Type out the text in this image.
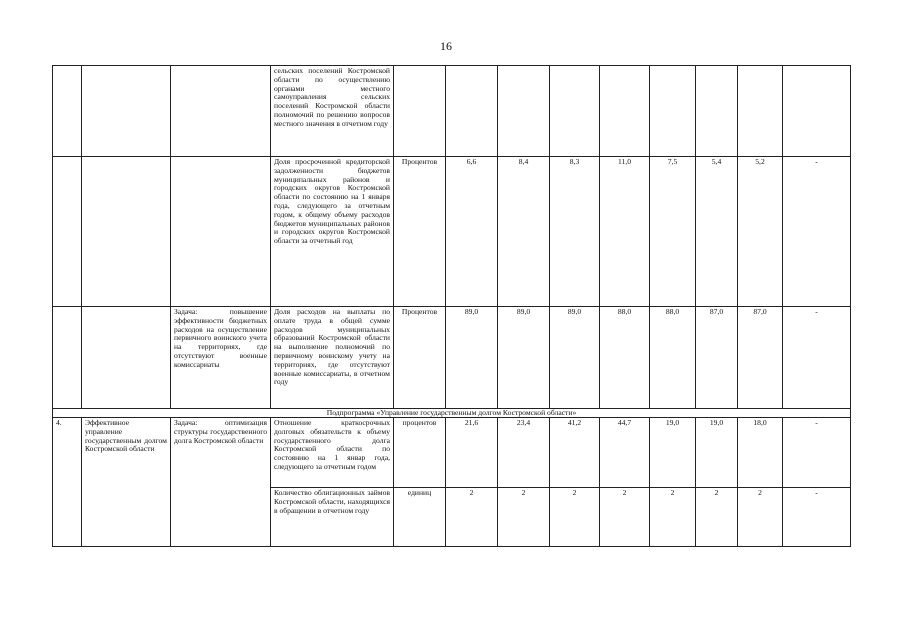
16
			сельских поселений Костромской области по осуществлению органами местного самоуправления сельских поселений Костромской области полномочий по решению вопросов местного значения в отчетном году									
			Доля просроченной кредиторской задолженности бюджетов муниципальных районов и городских округов Костромской области по состоянию на 1 января года, следующего за отчетным годом, к общему объему расходов бюджетов муниципальных районов и городских округов Костромской области за отчетный год	Процентов	6,6	8,4	8,3	11,0	7,5	5,4	5,2	-
		Задача: повышение эффективности бюджетных расходов на осуществление первичного воинского учета на территориях, где отсутствуют военные комиссариаты	Доля расходов на выплаты по оплате труда в общей сумме расходов муниципальных образований Костромской области на выполнение полномочий по первичному воинскому учету на территориях, где отсутствуют военные комиссариаты, в отчетном году	Процентов	89,0	89,0	89,0	88,0	88,0	87,0	87,0	-
Подпрограмма «Управление государственным долгом Костромской области»												
4.	Эффективное управление государственным долгом Костромской области	Задача: оптимизация структуры государственного долга Костромской области	Отношение краткосрочных долговых обязательств к объему государственного долга Костромской области по состоянию на 1 январ года, следующего за отчетным годом	процентов	21,6	23,4	41,2	44,7	19,0	19,0	18,0	-
			Количество облигационных займов Костромской области, находящихся в обращении в отчетном году	единиц	2	2	2	2	2	2	2	-
